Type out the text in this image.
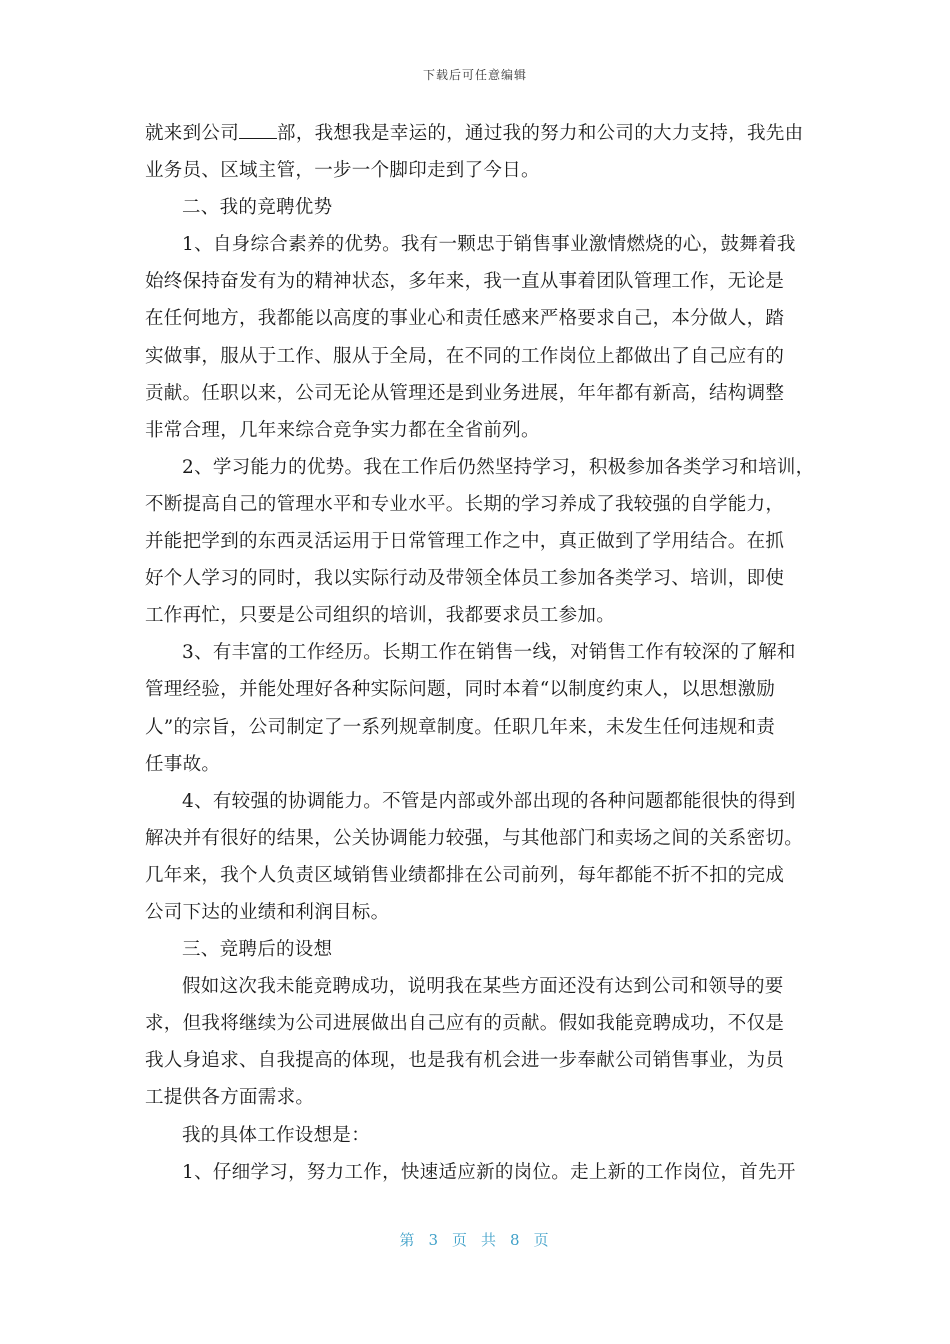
下载后可任意编辑
就来到公司 部，我想我是幸运的，通过我的努力和公司的大力支持，我先由
业务员、区域主管，一步一个脚印走到了今日。
二、我的竞聘优势
1、自身综合素养的优势。我有一颗忠于销售事业激情燃烧的心，鼓舞着我
始终保持奋发有为的精神状态，多年来，我一直从事着团队管理工作，无论是
在任何地方，我都能以高度的事业心和责任感来严格要求自己，本分做人，踏
实做事，服从于工作、服从于全局，在不同的工作岗位上都做出了自己应有的
贡献。任职以来，公司无论从管理还是到业务进展，年年都有新高，结构调整
非常合理，几年来综合竞争实力都在全省前列。
2、学习能力的优势。我在工作后仍然坚持学习，积极参加各类学习和培训，
不断提高自己的管理水平和专业水平。长期的学习养成了我较强的自学能力，
并能把学到的东西灵活运用于日常管理工作之中，真正做到了学用结合。在抓
好个人学习的同时，我以实际行动及带领全体员工参加各类学习、培训，即使
工作再忙，只要是公司组织的培训，我都要求员工参加。
3、有丰富的工作经历。长期工作在销售一线，对销售工作有较深的了解和
管理经验，并能处理好各种实际问题，同时本着“以制度约束人，以思想激励
人”的宗旨，公司制定了一系列规章制度。任职几年来，未发生任何违规和责
任事故。
4、有较强的协调能力。不管是内部或外部出现的各种问题都能很快的得到
解决并有很好的结果，公关协调能力较强，与其他部门和卖场之间的关系密切。
几年来，我个人负责区域销售业绩都排在公司前列，每年都能不折不扣的完成
公司下达的业绩和利润目标。
三、竞聘后的设想
假如这次我未能竞聘成功，说明我在某些方面还没有达到公司和领导的要
求，但我将继续为公司进展做出自己应有的贡献。假如我能竞聘成功，不仅是
我人身追求、自我提高的体现，也是我有机会进一步奉献公司销售事业，为员
工提供各方面需求。
我的具体工作设想是：
1、仔细学习，努力工作，快速适应新的岗位。走上新的工作岗位，首先开
第 3 页 共 8 页
